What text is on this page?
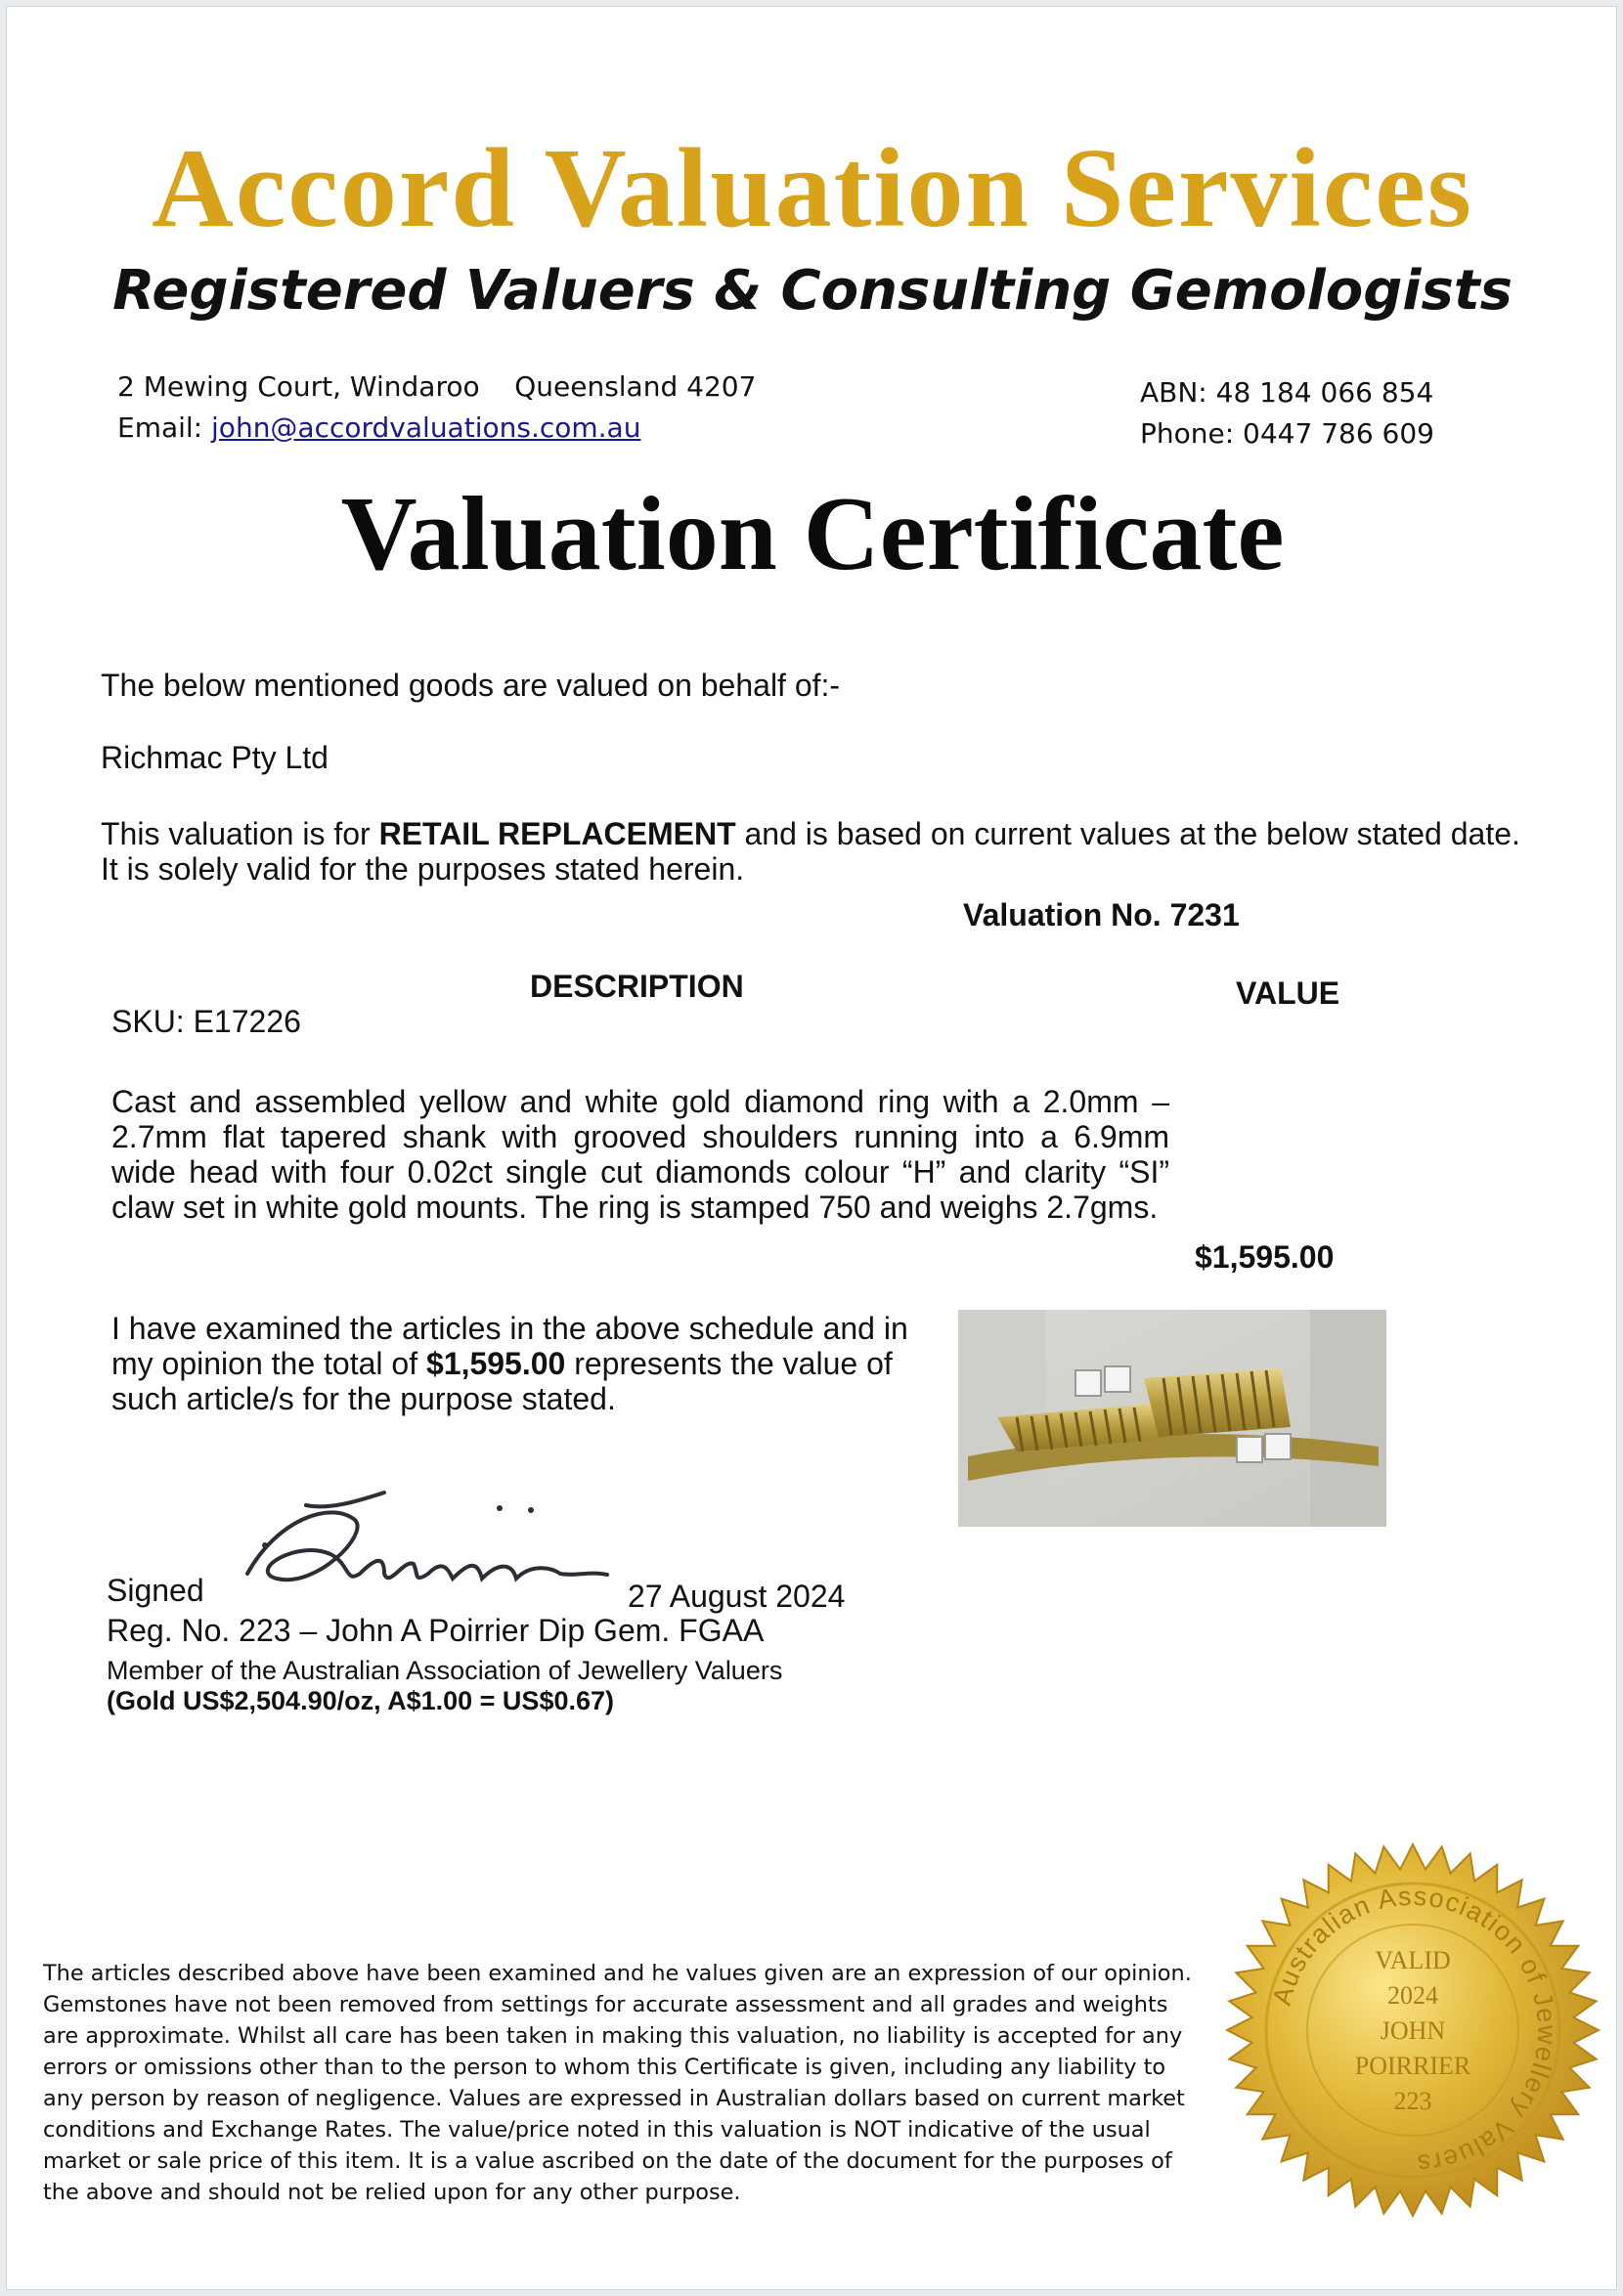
Accord Valuation Services
Registered Valuers & Consulting Gemologists
2 Mewing Court, Windaroo    Queensland 4207
Email: john@accordvaluations.com.au
ABN: 48 184 066 854
Phone: 0447 786 609
Valuation Certificate
The below mentioned goods are valued on behalf of:-
Richmac Pty Ltd
This valuation is for RETAIL REPLACEMENT and is based on current values at the below stated date. It is solely valid for the purposes stated herein.
Valuation No. 7231
DESCRIPTION	VALUE
SKU: E17226
Cast and assembled yellow and white gold diamond ring with a 2.0mm – 2.7mm flat tapered shank with grooved shoulders running into a 6.9mm wide head with four 0.02ct single cut diamonds colour “H” and clarity “SI” claw set in white gold mounts. The ring is stamped 750 and weighs 2.7gms.
$1,595.00
I have examined the articles in the above schedule and in my opinion the total of $1,595.00 represents the value of such article/s for the purpose stated.
Signed	27 August 2024
Reg. No. 223 – John A Poirrier Dip Gem. FGAA
Member of the Australian Association of Jewellery Valuers
(Gold US$2,504.90/oz, A$1.00 = US$0.67)
The articles described above have been examined and he values given are an expression of our opinion. Gemstones have not been removed from settings for accurate assessment and all grades and weights are approximate. Whilst all care has been taken in making this valuation, no liability is accepted for any errors or omissions other than to the person to whom this Certificate is given, including any liability to any person by reason of negligence. Values are expressed in Australian dollars based on current market conditions and Exchange Rates. The value/price noted in this valuation is NOT indicative of the usual market or sale price of this item. It is a value ascribed on the date of the document for the purposes of the above and should not be relied upon for any other purpose.
Australian Association of Jewellery Valuers
VALID
2024
JOHN
POIRRIER
223
